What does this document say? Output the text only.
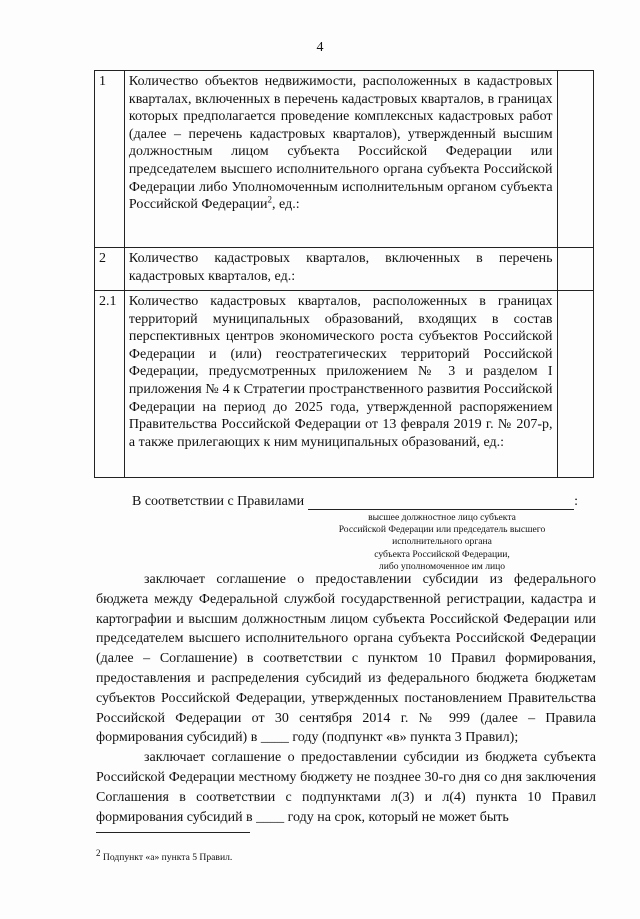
4
1	Количество объектов недвижимости, расположенных в кадастровых кварталах, включенных в перечень кадастровых кварталов, в границах которых предполагается проведение комплексных кадастровых работ (далее – перечень кадастровых кварталов), утвержденный высшим должностным лицом субъекта Российской Федерации или председателем высшего исполнительного органа субъекта Российской Федерации либо Уполномоченным исполнительным органом субъекта Российской Федерации$^2$, ед.:	
2	Количество кадастровых кварталов, включенных в перечень кадастровых кварталов, ед.:	
2.1	Количество кадастровых кварталов, расположенных в границах территорий муниципальных образований, входящих в состав перспективных центров экономического роста субъектов Российской Федерации и (или) геостратегических территорий Российской Федерации, предусмотренных приложением № 3 и разделом I приложения № 4 к Стратегии пространственного развития Российской Федерации на период до 2025 года, утвержденной распоряжением Правительства Российской Федерации от 13 февраля 2019 г. № 207-р, а также прилегающих к ним муниципальных образований, ед.:	
В соответствии с Правилами	:
высшее должностное лицо субъекта
Российской Федерации или председатель высшего
исполнительного органа
субъекта Российской Федерации,
либо уполномоченное им лицо

заключает соглашение о предоставлении субсидии из федерального бюджета между Федеральной службой государственной регистрации, кадастра и картографии и высшим должностным лицом субъекта Российской Федерации или председателем высшего исполнительного органа субъекта Российской Федерации (далее – Соглашение) в соответствии с пунктом 10 Правил формирования, предоставления и распределения субсидий из федерального бюджета бюджетам субъектов Российской Федерации, утвержденных постановлением Правительства Российской Федерации от 30 сентября 2014 г. № 999 (далее – Правила формирования субсидий) в ____ году (подпункт «в» пункта 3 Правил);

заключает соглашение о предоставлении субсидии из бюджета субъекта Российской Федерации местному бюджету не позднее 30-го дня со дня заключения Соглашения в соответствии с подпунктами л(3) и л(4) пункта 10 Правил формирования субсидий в ____ году на срок, который не может быть

$^2$ Подпункт «а» пункта 5 Правил.
